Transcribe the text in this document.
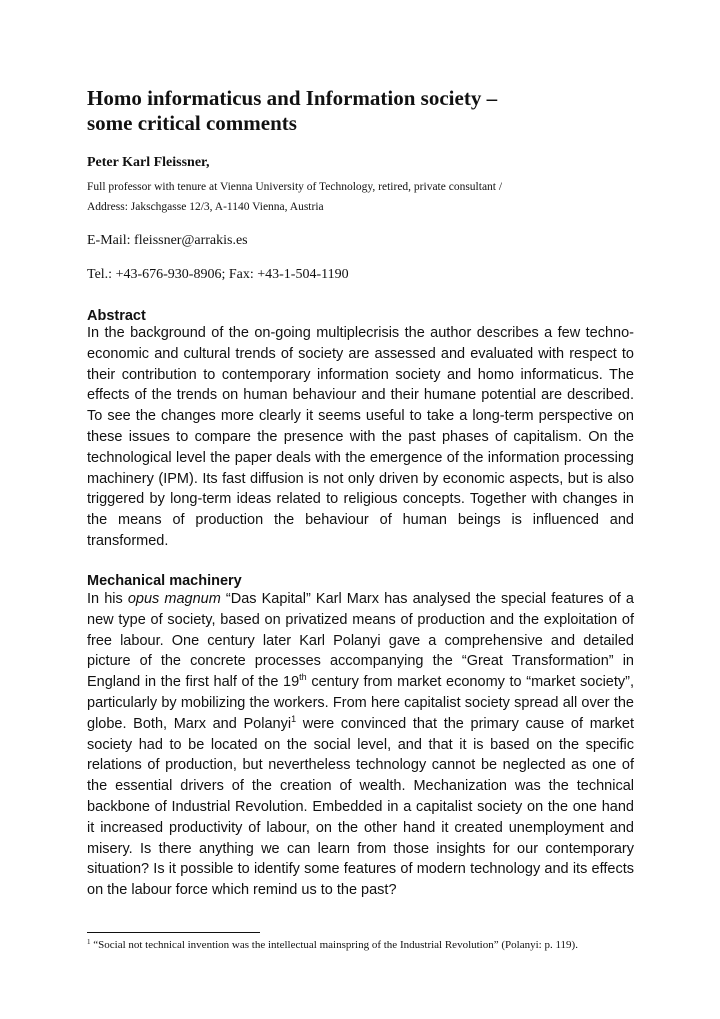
Homo informaticus and Information society –
some critical comments
Peter Karl Fleissner,
Full professor with tenure at Vienna University of Technology, retired, private consultant /
Address: Jakschgasse 12/3, A-1140 Vienna, Austria
E-Mail: fleissner@arrakis.es
Tel.: +43-676-930-8906; Fax: +43-1-504-1190
Abstract

In the background of the on-going multiplecrisis the author describes a few techno-economic and cultural trends of society are assessed and evaluated with respect to their contribution to contemporary information society and homo informaticus. The effects of the trends on human behaviour and their humane potential are described. To see the changes more clearly it seems useful to take a long-term perspective on these issues to compare the presence with the past phases of capitalism. On the technological level the paper deals with the emergence of the information processing machinery (IPM). Its fast diffusion is not only driven by economic aspects, but is also triggered by long-term ideas related to religious concepts. Together with changes in the means of production the behaviour of human beings is influenced and transformed.

Mechanical machinery

In his opus magnum “Das Kapital” Karl Marx has analysed the special features of a new type of society, based on privatized means of production and the exploitation of free labour. One century later Karl Polanyi gave a comprehensive and detailed picture of the concrete processes accompanying the “Great Transformation” in England in the first half of the 19th century from market economy to “market society”, particularly by mobilizing the workers. From here capitalist society spread all over the globe. Both, Marx and Polanyi$^1$ were convinced that the primary cause of market society had to be located on the social level, and that it is based on the specific relations of production, but nevertheless technology cannot be neglected as one of the essential drivers of the creation of wealth. Mechanization was the technical backbone of Industrial Revolution. Embedded in a capitalist society on the one hand it increased productivity of labour, on the other hand it created unemployment and misery. Is there anything we can learn from those insights for our contemporary situation? Is it possible to identify some features of modern technology and its effects on the labour force which remind us to the past?

$^1$ “Social not technical invention was the intellectual mainspring of the Industrial Revolution” (Polanyi: p. 119).
